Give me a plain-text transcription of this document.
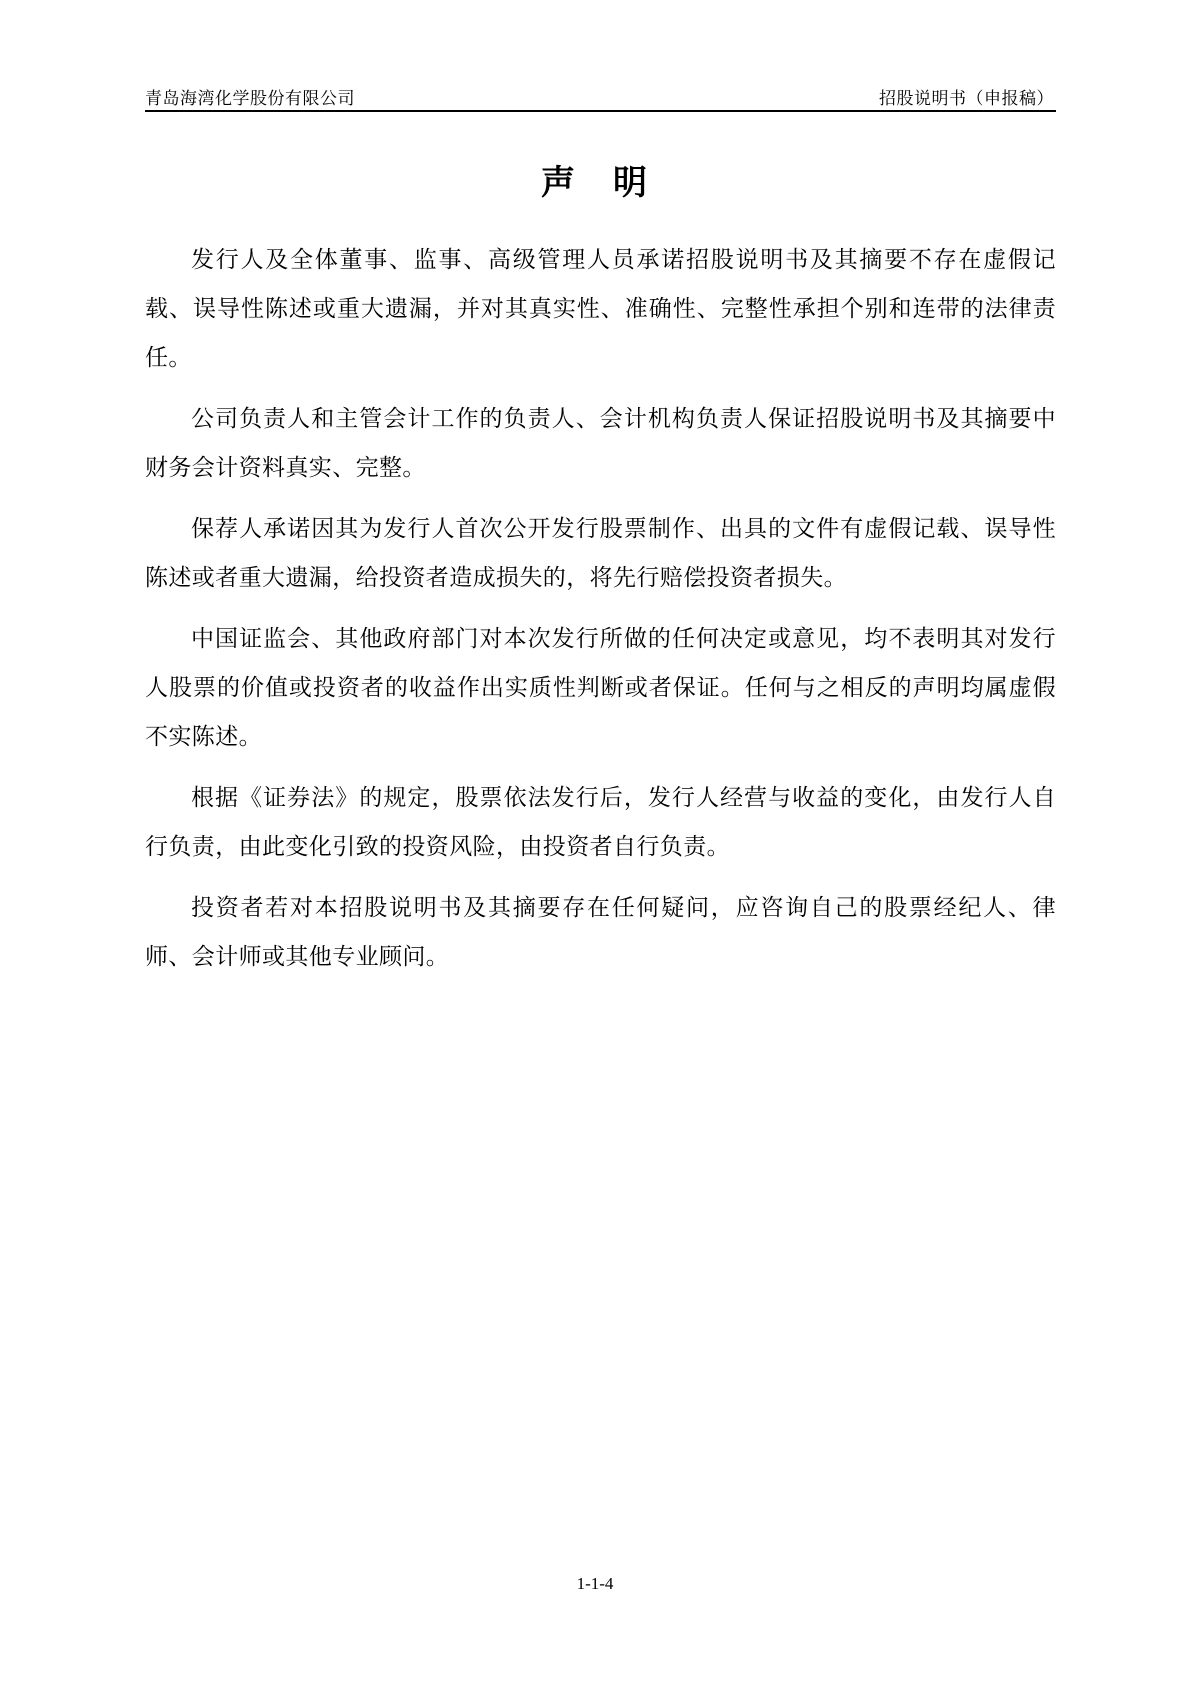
青岛海湾化学股份有限公司	招股说明书（申报稿）
声　明

发行人及全体董事、监事、高级管理人员承诺招股说明书及其摘要不存在虚假记载、误导性陈述或重大遗漏，并对其真实性、准确性、完整性承担个别和连带的法律责任。

公司负责人和主管会计工作的负责人、会计机构负责人保证招股说明书及其摘要中财务会计资料真实、完整。

保荐人承诺因其为发行人首次公开发行股票制作、出具的文件有虚假记载、误导性陈述或者重大遗漏，给投资者造成损失的，将先行赔偿投资者损失。

中国证监会、其他政府部门对本次发行所做的任何决定或意见，均不表明其对发行人股票的价值或投资者的收益作出实质性判断或者保证。任何与之相反的声明均属虚假不实陈述。

根据《证券法》的规定，股票依法发行后，发行人经营与收益的变化，由发行人自行负责，由此变化引致的投资风险，由投资者自行负责。

投资者若对本招股说明书及其摘要存在任何疑问，应咨询自己的股票经纪人、律师、会计师或其他专业顾问。

1-1-4
